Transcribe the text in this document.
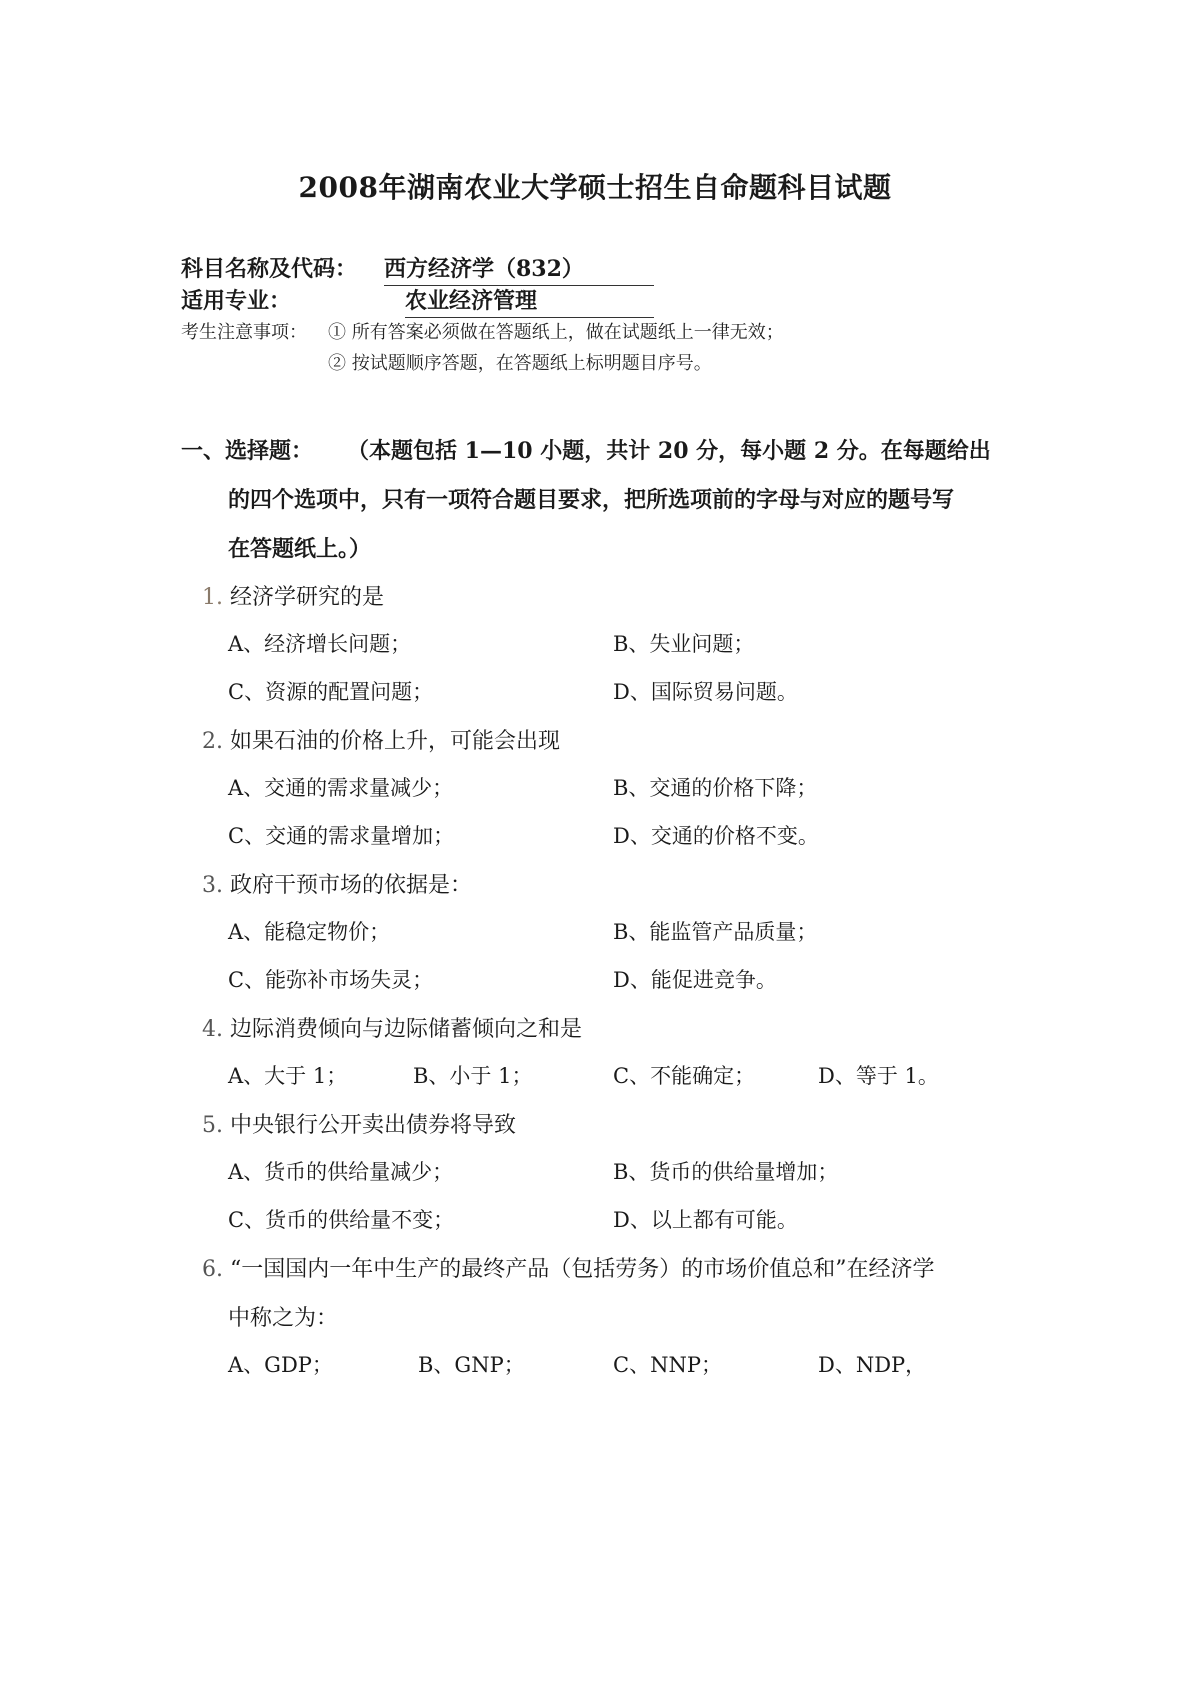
2008年湖南农业大学硕士招生自命题科目试题
科目名称及代码： 西方经济学（832）
适用专业：	农业经济管理
考生注意事项： ① 所有答案必须做在答题纸上，做在试题纸上一律无效；
② 按试题顺序答题，在答题纸上标明题目序号。
一、选择题： （本题包括 1—10 小题，共计 20 分，每小题 2 分。在每题给出
的四个选项中，只有一项符合题目要求，把所选项前的字母与对应的题号写
在答题纸上。）
1. 经济学研究的是
A、经济增长问题；	B、失业问题；
C、资源的配置问题；	D、国际贸易问题。
2. 如果石油的价格上升，可能会出现
A、交通的需求量减少；	B、交通的价格下降；
C、交通的需求量增加；	D、交通的价格不变。
3. 政府干预市场的依据是：
A、能稳定物价；	B、能监管产品质量；
C、能弥补市场失灵；	D、能促进竞争。
4. 边际消费倾向与边际储蓄倾向之和是
A、大于 1；	B、小于 1；	C、不能确定；	D、等于 1。
5. 中央银行公开卖出债券将导致
A、货币的供给量减少；	B、货币的供给量增加；
C、货币的供给量不变；	D、以上都有可能。
6. “一国国内一年中生产的最终产品（包括劳务）的市场价值总和”在经济学
中称之为：
A、GDP；	B、GNP；	C、NNP；	D、NDP，
